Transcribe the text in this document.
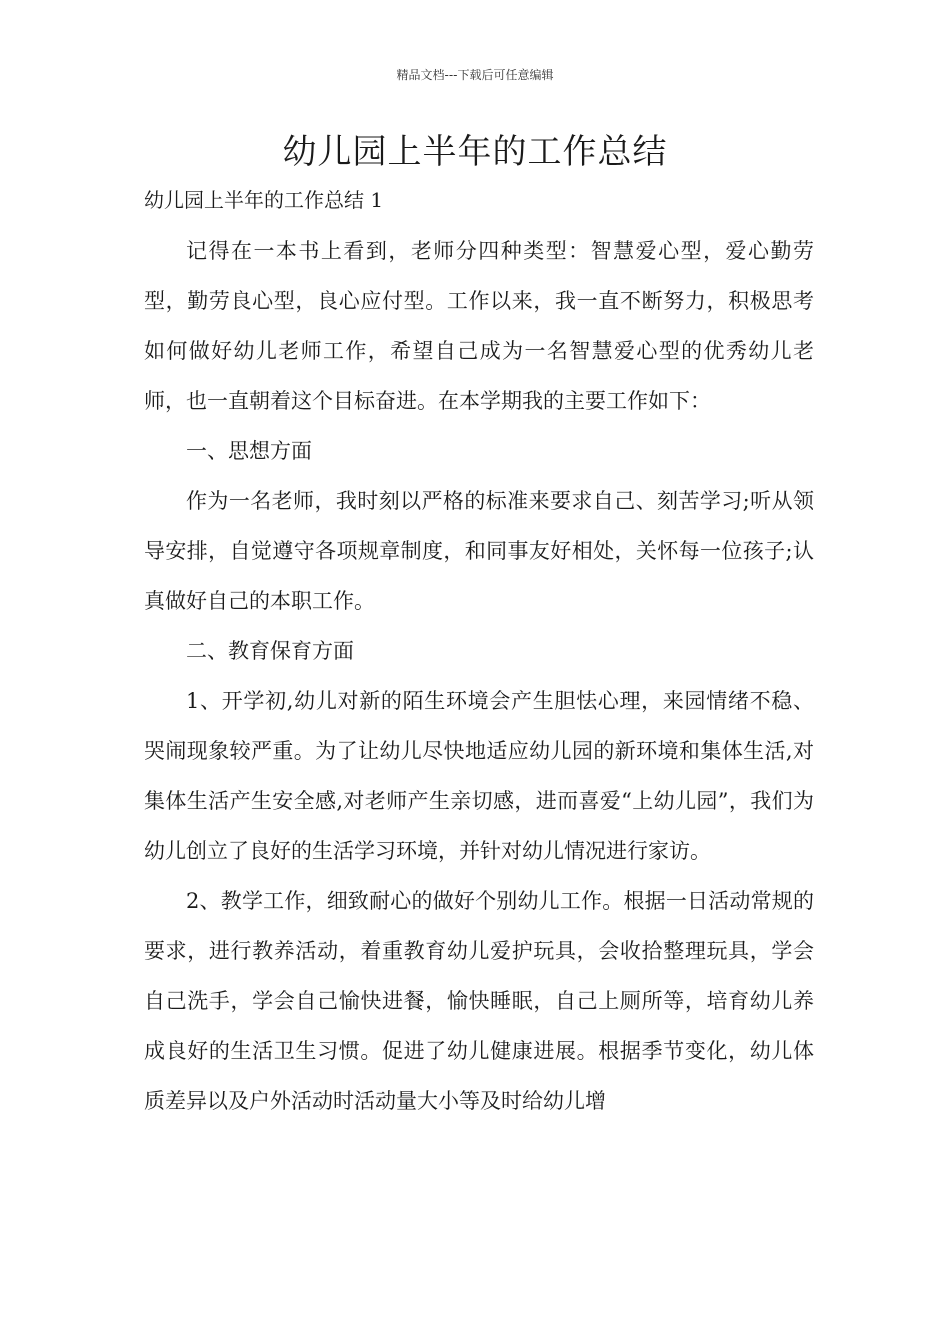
精品文档---下载后可任意编辑
幼儿园上半年的工作总结

幼儿园上半年的工作总结 1

记得在一本书上看到，老师分四种类型：智慧爱心型，爱心勤劳型，勤劳良心型，良心应付型。工作以来，我一直不断努力，积极思考如何做好幼儿老师工作，希望自己成为一名智慧爱心型的优秀幼儿老师，也一直朝着这个目标奋进。在本学期我的主要工作如下：

一、思想方面

作为一名老师，我时刻以严格的标准来要求自己、刻苦学习;听从领导安排，自觉遵守各项规章制度，和同事友好相处，关怀每一位孩子;认真做好自己的本职工作。

二、教育保育方面

1、开学初,幼儿对新的陌生环境会产生胆怯心理，来园情绪不稳、哭闹现象较严重。为了让幼儿尽快地适应幼儿园的新环境和集体生活,对集体生活产生安全感,对老师产生亲切感，进而喜爱“上幼儿园”，我们为幼儿创立了良好的生活学习环境，并针对幼儿情况进行家访。

2、教学工作，细致耐心的做好个别幼儿工作。根据一日活动常规的要求，进行教养活动，着重教育幼儿爱护玩具，会收拾整理玩具，学会自己洗手，学会自己愉快进餐，愉快睡眠，自己上厕所等，培育幼儿养成良好的生活卫生习惯。促进了幼儿健康进展。根据季节变化，幼儿体质差异以及户外活动时活动量大小等及时给幼儿增
